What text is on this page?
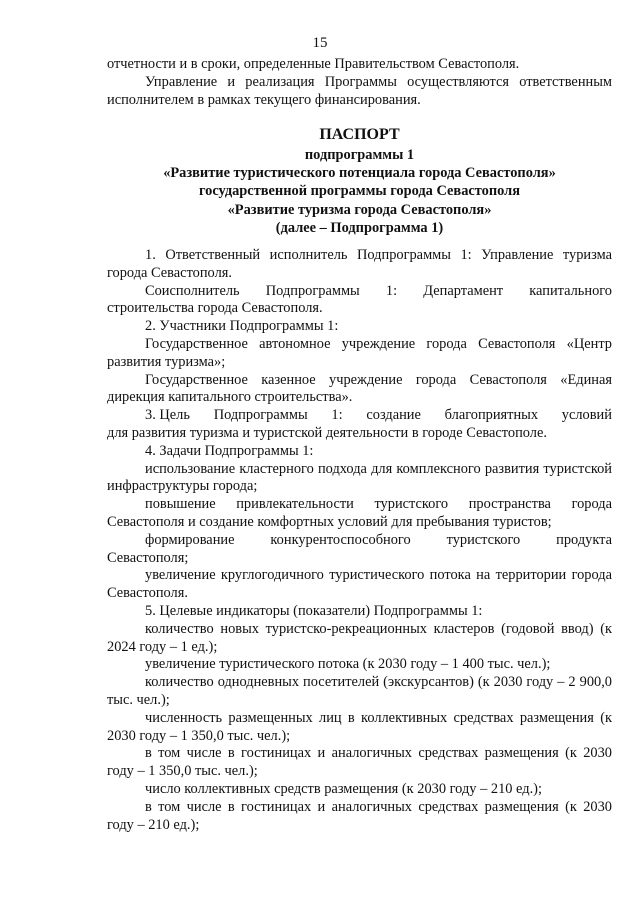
15

отчетности и в сроки, определенные Правительством Севастополя.

Управление и реализация Программы осуществляются ответственным исполнителем в рамках текущего финансирования.

ПАСПОРТ

подпрограммы 1

«Развитие туристического потенциала города Севастополя»

государственной программы города Севастополя

«Развитие туризма города Севастополя»

(далее – Подпрограмма 1)

1. Ответственный исполнитель Подпрограммы 1: Управление туризма города Севастополя.

Соисполнитель Подпрограммы 1: Департамент капитального

строительства города Севастополя.

2. Участники Подпрограммы 1:

Государственное автономное учреждение города Севастополя «Центр развития туризма»;

Государственное казенное учреждение города Севастополя «Единая дирекция капитального строительства».

3. Цель Подпрограммы 1: создание благоприятных условий

для развития туризма и туристской деятельности в городе Севастополе.

4. Задачи Подпрограммы 1:

использование кластерного подхода для комплексного развития туристской инфраструктуры города;

повышение привлекательности туристского пространства города Севастополя и создание комфортных условий для пребывания туристов;

формирование конкурентоспособного туристского продукта

Севастополя;

увеличение круглогодичного туристического потока на территории города Севастополя.

5. Целевые индикаторы (показатели) Подпрограммы 1:

количество новых туристско-рекреационных кластеров (годовой ввод) (к 2024 году – 1 ед.);

увеличение туристического потока (к 2030 году – 1 400 тыс. чел.);

количество однодневных посетителей (экскурсантов) (к 2030 году – 2 900,0 тыс. чел.);

численность размещенных лиц в коллективных средствах размещения (к 2030 году – 1 350,0 тыс. чел.);

в том числе в гостиницах и аналогичных средствах размещения (к 2030 году – 1 350,0 тыс. чел.);

число коллективных средств размещения (к 2030 году – 210 ед.);

в том числе в гостиницах и аналогичных средствах размещения (к 2030 году – 210 ед.);
